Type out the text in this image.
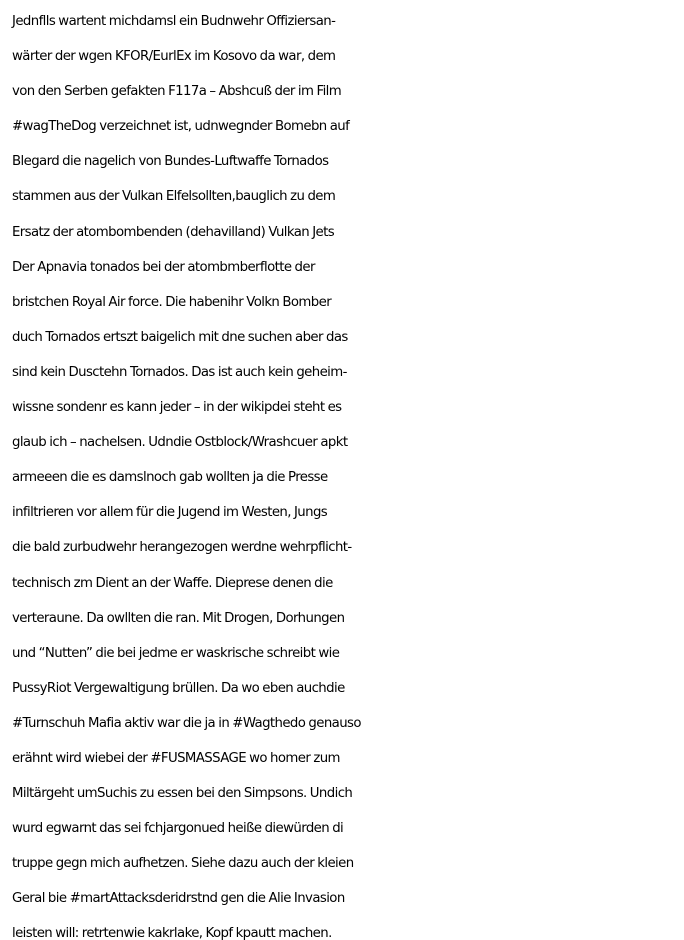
Jednflls wartent michdamsl ein Budnwehr Offiziersan-
wärter der wgen KFOR/EurlEx im Kosovo da war, dem
von den Serben gefakten F117a – Abshcuß der im Film
#wagTheDog verzeichnet ist, udnwegnder Bomebn auf
Blegard die nagelich von Bundes-Luftwaffe Tornados
stammen aus der Vulkan Elfelsollten,bauglich zu dem
Ersatz der atombombenden (dehavilland) Vulkan Jets
Der Apnavia tonados bei der atombmberflotte der
bristchen Royal Air force. Die habenihr Volkn Bomber
duch Tornados ertszt baigelich mit dne suchen aber das
sind kein Dusctehn Tornados. Das ist auch kein geheim-
wissne sondenr es kann jeder – in der wikipdei steht es
glaub ich – nachelsen. Udndie Ostblock/Wrashcuer apkt
armeeen die es damslnoch gab wollten ja die Presse
infiltrieren vor allem für die Jugend im Westen, Jungs
die bald zurbudwehr herangezogen werdne wehrpflicht-
technisch zm Dient an der Waffe. Dieprese denen die
verteraune. Da owllten die ran. Mit Drogen, Dorhungen
und “Nutten” die bei jedme er waskrische schreibt wie
PussyRiot Vergewaltigung brüllen. Da wo eben auchdie
#Turnschuh Mafia aktiv war die ja in #Wagthedo genauso
erähnt wird wiebei der #FUSMASSAGE wo homer zum
Miltärgeht umSuchis zu essen bei den Simpsons. Undich
wurd egwarnt das sei fchjargonued heiße diewürden di
truppe gegn mich aufhetzen. Siehe dazu auch der kleien
Geral bie #martAttacksderidrstnd gen die Alie Invasion
leisten will: retrtenwie kakrlake, Kopf kpautt machen.
